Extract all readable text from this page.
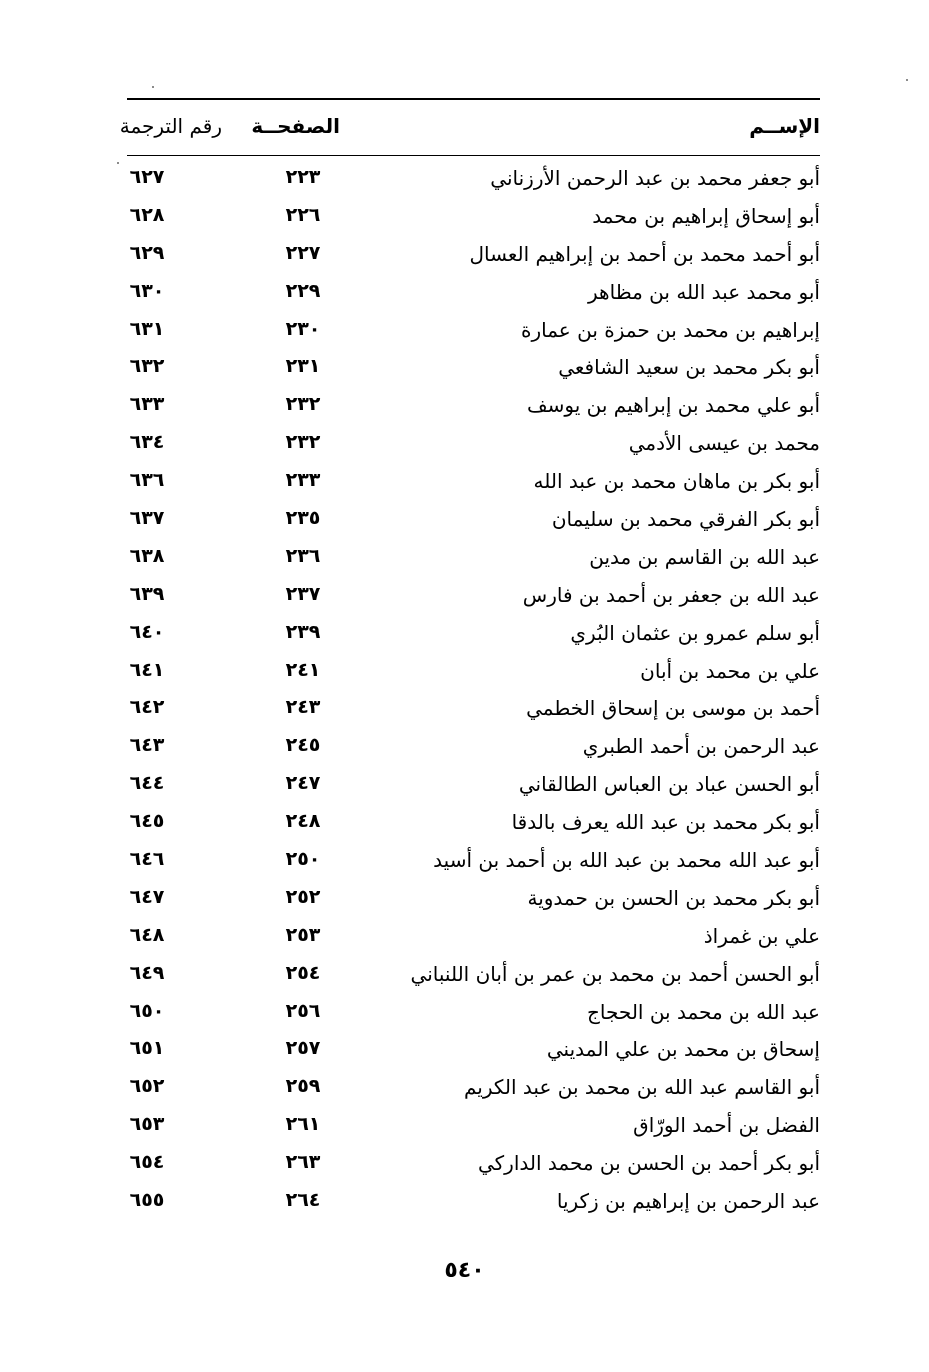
الإســم
الصفحــة
رقم الترجمة
أبو جعفر محمد بن عبد الرحمن الأرزناني
٢٢٣
٦٢٧
أبو إسحاق إبراهيم بن محمد
٢٢٦
٦٢٨
أبو أحمد محمد بن أحمد بن إبراهيم العسال
٢٢٧
٦٢٩
أبو محمد عبد الله بن مظاهر
٢٢٩
٦٣٠
إبراهيم بن محمد بن حمزة بن عمارة
٢٣٠
٦٣١
أبو بكر محمد بن سعيد الشافعي
٢٣١
٦٣٢
أبو علي محمد بن إبراهيم بن يوسف
٢٣٢
٦٣٣
محمد بن عيسى الأدمي
٢٣٢
٦٣٤
أبو بكر بن ماهان محمد بن عبد الله
٢٣٣
٦٣٦
أبو بكر الفرقي محمد بن سليمان
٢٣٥
٦٣٧
عبد الله بن القاسم بن مدين
٢٣٦
٦٣٨
عبد الله بن جعفر بن أحمد بن فارس
٢٣٧
٦٣٩
أبو سلم عمرو بن عثمان البُري
٢٣٩
٦٤٠
علي بن محمد بن أبان
٢٤١
٦٤١
أحمد بن موسى بن إسحاق الخطمي
٢٤٣
٦٤٢
عبد الرحمن بن أحمد الطبري
٢٤٥
٦٤٣
أبو الحسن عباد بن العباس الطالقاني
٢٤٧
٦٤٤
أبو بكر محمد بن عبد الله يعرف بالدقا
٢٤٨
٦٤٥
أبو عبد الله محمد بن عبد الله بن أحمد بن أسيد
٢٥٠
٦٤٦
أبو بكر محمد بن الحسن بن حمدوية
٢٥٢
٦٤٧
علي بن غمراذ
٢٥٣
٦٤٨
أبو الحسن أحمد بن محمد بن عمر بن أبان اللنباني
٢٥٤
٦٤٩
عبد الله بن محمد بن الحجاج
٢٥٦
٦٥٠
إسحاق بن محمد بن علي المديني
٢٥٧
٦٥١
أبو القاسم عبد الله بن محمد بن عبد الكريم
٢٥٩
٦٥٢
الفضل بن أحمد الورّاق
٢٦١
٦٥٣
أبو بكر أحمد بن الحسن بن محمد الداركي
٢٦٣
٦٥٤
عبد الرحمن بن إبراهيم بن زكريا
٢٦٤
٦٥٥
٥٤٠
